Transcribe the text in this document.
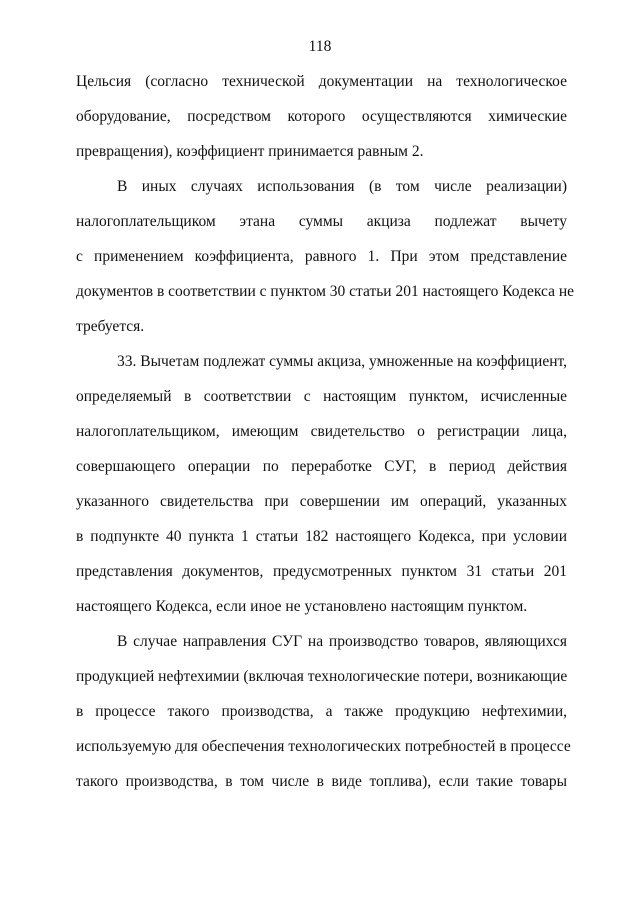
118
Цельсия (согласно технической документации на технологическое
оборудование, посредством которого осуществляются химические
превращения), коэффициент принимается равным 2.
В иных случаях использования (в том числе реализации)
налогоплательщиком этана суммы акциза подлежат вычету
с применением коэффициента, равного 1. При этом представление
документов в соответствии с пунктом 30 статьи 201 настоящего Кодекса не
требуется.
33. Вычетам подлежат суммы акциза, умноженные на коэффициент,
определяемый в соответствии с настоящим пунктом, исчисленные
налогоплательщиком, имеющим свидетельство о регистрации лица,
совершающего операции по переработке СУГ, в период действия
указанного свидетельства при совершении им операций, указанных
в подпункте 40 пункта 1 статьи 182 настоящего Кодекса, при условии
представления документов, предусмотренных пунктом 31 статьи 201
настоящего Кодекса, если иное не установлено настоящим пунктом.
В случае направления СУГ на производство товаров, являющихся
продукцией нефтехимии (включая технологические потери, возникающие
в процессе такого производства, а также продукцию нефтехимии,
используемую для обеспечения технологических потребностей в процессе
такого производства, в том числе в виде топлива), если такие товары
